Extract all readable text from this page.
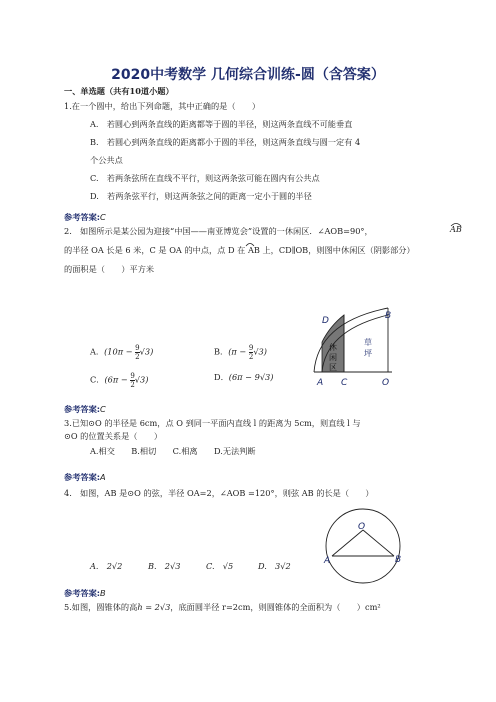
2020中考数学 几何综合训练-圆（含答案）
一、单选题（共有10道小题）
1.在一个圆中，给出下列命题，其中正确的是（　　）
A.　若圆心到两条直线的距离都等于圆的半径，则这两条直线不可能垂直
B.　若圆心到两条直线的距离都小于圆的半径，则这两条直线与圆一定有 4
个公共点
C.　若两条弦所在直线不平行，则这两条弦可能在圆内有公共点
D.　若两条弦平行，则这两条弦之间的距离一定小于圆的半径
参考答案:C
2.　如图所示是某公园为迎接“中国——南亚博览会”设置的一休闲区．∠AOB=90°，	AB
的半径 OA 长是 6 米，C 是 OA 的中点，点 D 在 AB 上，CD∥OB，则图中休闲区（阴影部分）
的面积是（　　）平方米
A．$(10\pi - \frac{9}{2} √3)$	B．$(\pi - \frac{9}{2} √3)$
C．$(6\pi - \frac{9}{2} √3)$	D．(6π − 9√3)
D	B
A C	O
休
闲
区
草
坪
参考答案:C
3.已知⊙O 的半径是 6cm，点 O 到同一平面内直线 l 的距离为 5cm，则直线 l 与
⊙O 的位置关系是（　　）
A.相交　　B.相切　　C.相离　　D.无法判断
参考答案:A
4.　如图，AB 是⊙O 的弦，半径 OA=2，∠AOB =120°，则弦 AB 的长是（　　）
O
A	B
A.　2√2	B.　2√3	C.　√5	D.　3√2
参考答案:B
5.如图，圆锥体的高h = 2√3，底面圆半径 r=2cm，则圆锥体的全面积为（　　）cm²
